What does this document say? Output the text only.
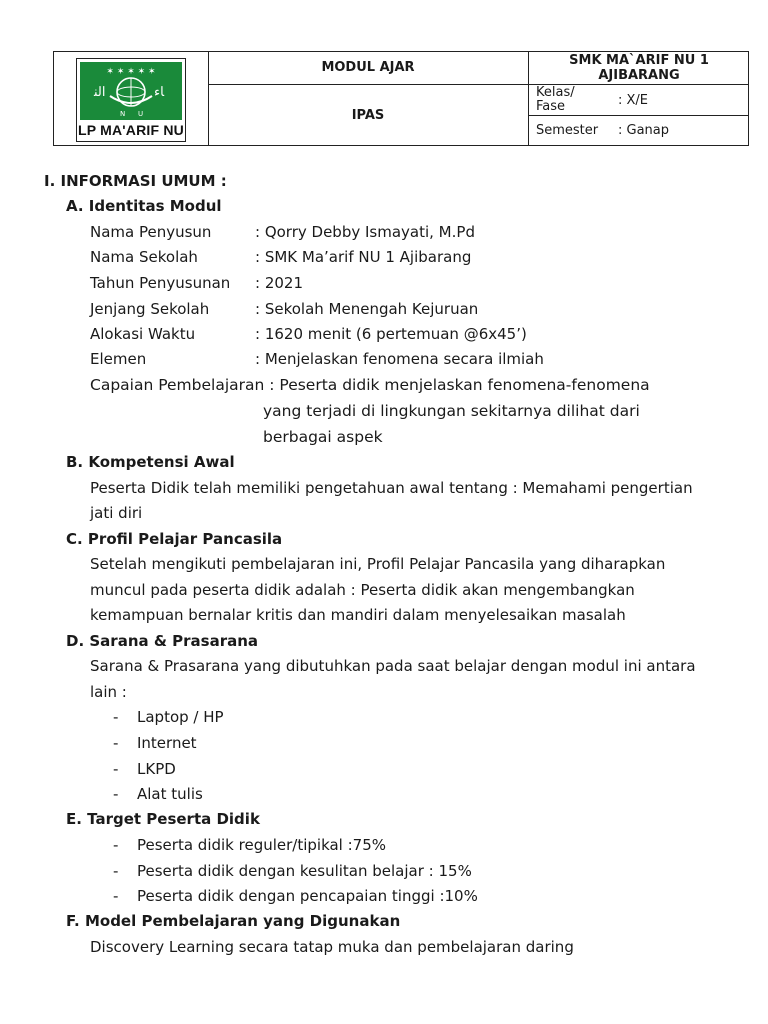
✶ ✶ ✶ ✶ ✶
ﺍﻟﻨ	ﺎء
N U
LP MA'ARIF NU
MODUL AJAR
IPAS
SMK MA`ARIF NU 1
AJIBARANG
Kelas/
Fase	: X/E
Semester : Ganap
I. INFORMASI UMUM :
A. Identitas Modul
Nama Penyusun	: Qorry Debby Ismayati, M.Pd
Nama Sekolah	: SMK Ma’arif NU 1 Ajibarang
Tahun Penyusunan : 2021
Jenjang Sekolah	: Sekolah Menengah Kejuruan
Alokasi Waktu	: 1620 menit (6 pertemuan @6x45’)
Elemen	: Menjelaskan fenomena secara ilmiah
Capaian Pembelajaran : Peserta didik menjelaskan fenomena-fenomena
yang terjadi di lingkungan sekitarnya dilihat dari
berbagai aspek
B. Kompetensi Awal
Peserta Didik telah memiliki pengetahuan awal tentang : Memahami pengertian
jati diri
C. Profil Pelajar Pancasila
Setelah mengikuti pembelajaran ini, Profil Pelajar Pancasila yang diharapkan
muncul pada peserta didik adalah : Peserta didik akan mengembangkan
kemampuan bernalar kritis dan mandiri dalam menyelesaikan masalah
D. Sarana & Prasarana
Sarana & Prasarana yang dibutuhkan pada saat belajar dengan modul ini antara
lain :
- Laptop / HP
- Internet
- LKPD
- Alat tulis
E. Target Peserta Didik
- Peserta didik reguler/tipikal :75%
- Peserta didik dengan kesulitan belajar : 15%
- Peserta didik dengan pencapaian tinggi :10%
F. Model Pembelajaran yang Digunakan
Discovery Learning secara tatap muka dan pembelajaran daring
